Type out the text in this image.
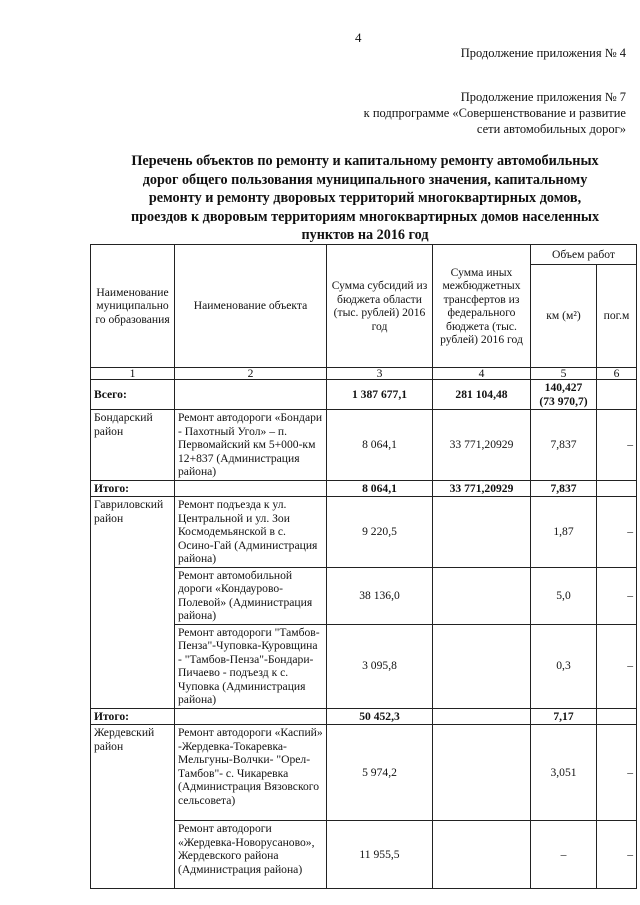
4
Продолжение приложения № 4
Продолжение приложения № 7
к подпрограмме «Совершенствование и развитие
сети автомобильных дорог»
Перечень объектов по ремонту и капитальному ремонту автомобильных
дорог общего пользования муниципального значения, капитальному
ремонту и ремонту дворовых территорий многоквартирных домов,
проездов к дворовым территориям многоквартирных домов населенных
пунктов на 2016 год
Наименование муниципально го образования	Наименование объекта	Сумма субсидий из бюджета области (тыс. рублей) 2016 год	Сумма иных межбюджетных трансфертов из федерального бюджета (тыс. рублей) 2016 год	Объем работ	
				км (м²)	пог.м
1	2	3	4	5	6
Всего:		1 387 677,1	281 104,48	140,427
(73 970,7)	
Бондарский район	Ремонт автодороги «Бондари - Пахотный Угол» – п. Первомайский км 5+000-км 12+837 (Администрация района)	8 064,1	33 771,20929	7,837	–
Итого:		8 064,1	33 771,20929	7,837	
Гавриловский район	Ремонт подъезда к ул. Центральной и ул. Зои Космодемьянской в с. Осино-Гай (Администрация района)	9 220,5		1,87	–
	Ремонт автомобильной дороги «Кондаурово-Полевой» (Администрация района)	38 136,0		5,0	–
	Ремонт автодороги "Тамбов-Пенза"-Чуповка-Куровщина - "Тамбов-Пенза"-Бондари-Пичаево - подъезд к с. Чуповка (Администрация района)	3 095,8		0,3	–
Итого:		50 452,3		7,17	
Жердевский район	Ремонт автодороги «Каспий» -Жердевка-Токаревка-Мельгуны-Волчки- "Орел-Тамбов"- с. Чикаревка (Администрация Вязовского сельсовета)	5 974,2		3,051	–
	Ремонт автодороги «Жердевка-Новорусаново», Жердевского района (Администрация района)	11 955,5		–	–
